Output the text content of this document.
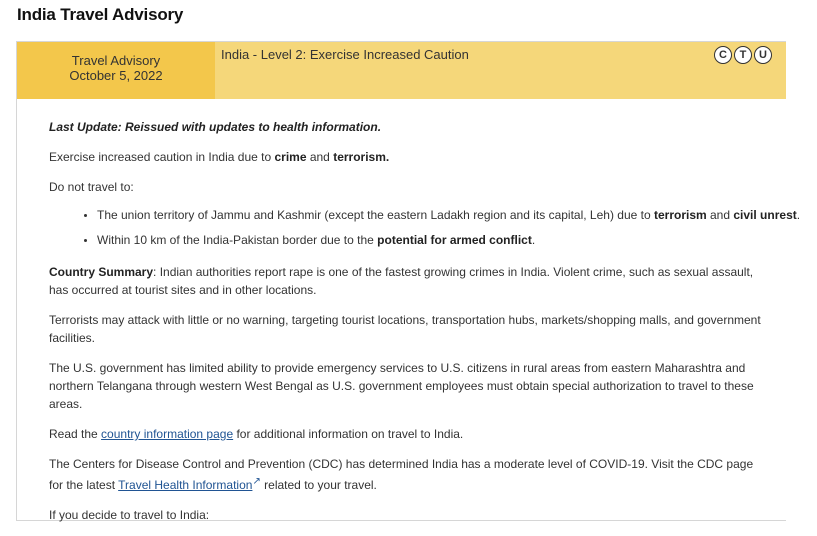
India Travel Advisory
Travel Advisory
October 5, 2022
India - Level 2: Exercise Increased Caution	C	T	U

Last Update: Reissued with updates to health information.

Exercise increased caution in India due to crime and terrorism.

Do not travel to:

• The union territory of Jammu and Kashmir (except the eastern Ladakh region and its capital, Leh) due to terrorism and civil unrest.
• Within 10 km of the India-Pakistan border due to the potential for armed conflict.

Country Summary: Indian authorities report rape is one of the fastest growing crimes in India. Violent crime, such as sexual assault, has occurred at tourist sites and in other locations.

Terrorists may attack with little or no warning, targeting tourist locations, transportation hubs, markets/shopping malls, and government facilities.

The U.S. government has limited ability to provide emergency services to U.S. citizens in rural areas from eastern Maharashtra and northern Telangana through western West Bengal as U.S. government employees must obtain special authorization to travel to these areas.

Read the country information page for additional information on travel to India.

The Centers for Disease Control and Prevention (CDC) has determined India has a moderate level of COVID-19. Visit the CDC page for the latest Travel Health Information↗ related to your travel.

If you decide to travel to India:
